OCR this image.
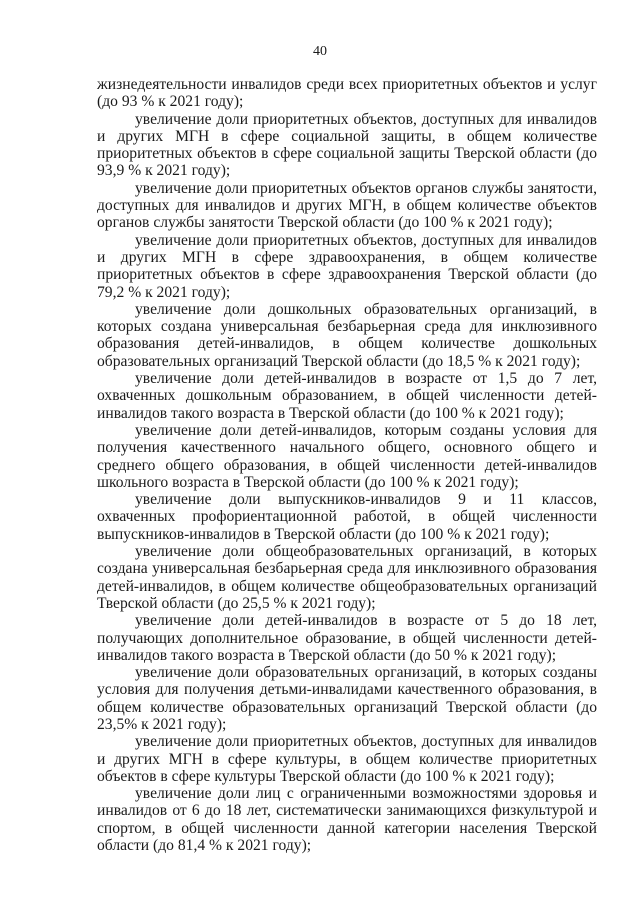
40

жизнедеятельности инвалидов среди всех приоритетных объектов и услуг (до 93 % к 2021 году);

увеличение доли приоритетных объектов, доступных для инвалидов и других МГН в сфере социальной защиты, в общем количестве приоритетных объектов в сфере социальной защиты Тверской области (до 93,9 % к 2021 году);

увеличение доли приоритетных объектов органов службы занятости, доступных для инвалидов и других МГН, в общем количестве объектов органов службы занятости Тверской области (до 100 % к 2021 году);

увеличение доли приоритетных объектов, доступных для инвалидов и других МГН в сфере здравоохранения, в общем количестве приоритетных объектов в сфере здравоохранения Тверской области (до 79,2 % к 2021 году);

увеличение доли дошкольных образовательных организаций, в которых создана универсальная безбарьерная среда для инклюзивного образования детей-инвалидов, в общем количестве дошкольных образовательных организаций Тверской области (до 18,5 % к 2021 году);

увеличение доли детей-инвалидов в возрасте от 1,5 до 7 лет, охваченных дошкольным образованием, в общей численности детей-инвалидов такого возраста в Тверской области (до 100 % к 2021 году);

увеличение доли детей-инвалидов, которым созданы условия для получения качественного начального общего, основного общего и среднего общего образования, в общей численности детей-инвалидов школьного возраста в Тверской области (до 100 % к 2021 году);

увеличение доли выпускников-инвалидов 9 и 11 классов, охваченных профориентационной работой, в общей численности выпускников-инвалидов в Тверской области (до 100 % к 2021 году);

увеличение доли общеобразовательных организаций, в которых создана универсальная безбарьерная среда для инклюзивного образования детей-инвалидов, в общем количестве общеобразовательных организаций Тверской области (до 25,5 % к 2021 году);

увеличение доли детей-инвалидов в возрасте от 5 до 18 лет, получающих дополнительное образование, в общей численности детей-инвалидов такого возраста в Тверской области (до 50 % к 2021 году);

увеличение доли образовательных организаций, в которых созданы условия для получения детьми-инвалидами качественного образования, в общем количестве образовательных организаций Тверской области (до 23,5% к 2021 году);

увеличение доли приоритетных объектов, доступных для инвалидов и других МГН в сфере культуры, в общем количестве приоритетных объектов в сфере культуры Тверской области (до 100 % к 2021 году);

увеличение доли лиц с ограниченными возможностями здоровья и инвалидов от 6 до 18 лет, систематически занимающихся физкультурой и спортом, в общей численности данной категории населения Тверской области (до 81,4 % к 2021 году);
